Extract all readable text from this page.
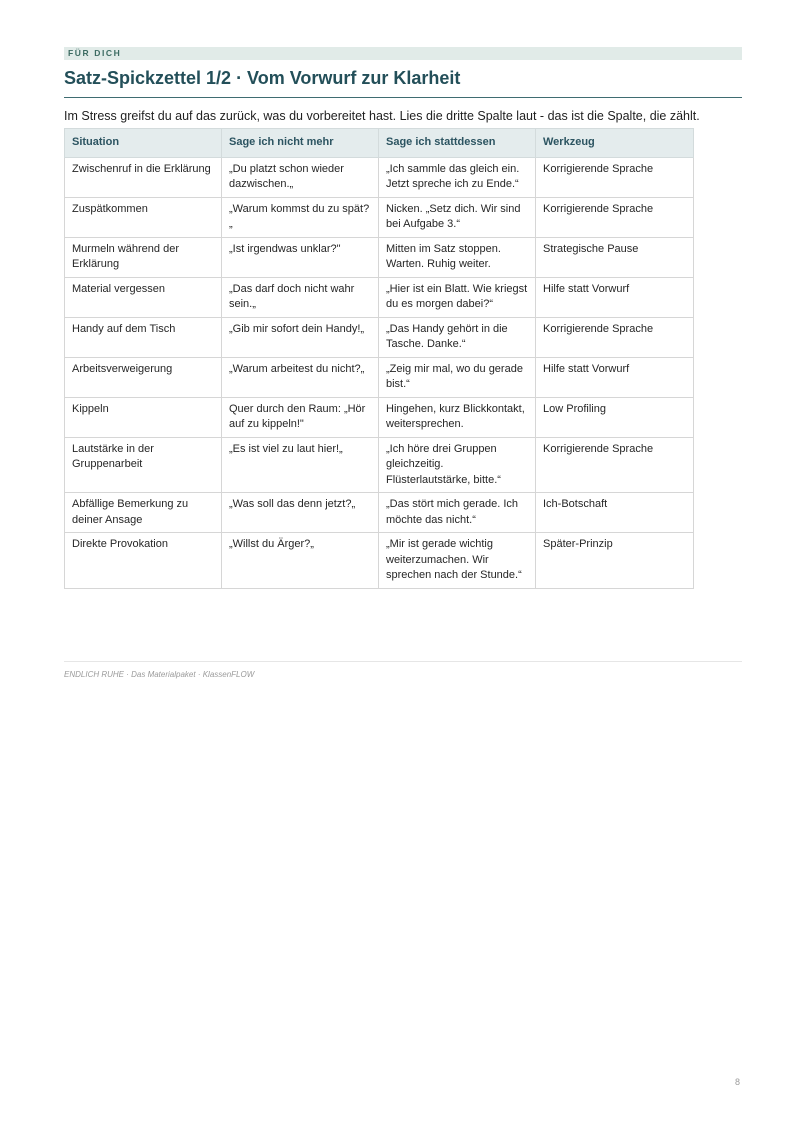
FÜR DICH
Satz-Spickzettel 1/2 · Vom Vorwurf zur Klarheit
Im Stress greifst du auf das zurück, was du vorbereitet hast. Lies die dritte Spalte laut - das ist die Spalte, die zählt.
Situation	Sage ich nicht mehr	Sage ich stattdessen	Werkzeug
Zwischenruf in die Erklärung	„Du platzt schon wieder dazwischen.„	„Ich sammle das gleich ein. Jetzt spreche ich zu Ende.“	Korrigierende Sprache
Zuspätkommen	„Warum kommst du zu spät?„	Nicken. „Setz dich. Wir sind bei Aufgabe 3.“	Korrigierende Sprache
Murmeln während der Erklärung	„Ist irgendwas unklar?"	Mitten im Satz stoppen. Warten. Ruhig weiter.	Strategische Pause
Material vergessen	„Das darf doch nicht wahr sein.„	„Hier ist ein Blatt. Wie kriegst du es morgen dabei?“	Hilfe statt Vorwurf
Handy auf dem Tisch	„Gib mir sofort dein Handy!„	„Das Handy gehört in die Tasche. Danke.“	Korrigierende Sprache
Arbeitsverweigerung	„Warum arbeitest du nicht?„	„Zeig mir mal, wo du gerade bist.“	Hilfe statt Vorwurf
Kippeln	Quer durch den Raum: „Hör auf zu kippeln!"	Hingehen, kurz Blickkontakt, weitersprechen.	Low Profiling
Lautstärke in der Gruppenarbeit	„Es ist viel zu laut hier!„	„Ich höre drei Gruppen gleichzeitig. Flüsterlautstärke, bitte.“	Korrigierende Sprache
Abfällige Bemerkung zu deiner Ansage	„Was soll das denn jetzt?„	„Das stört mich gerade. Ich möchte das nicht.“	Ich-Botschaft
Direkte Provokation	„Willst du Ärger?„	„Mir ist gerade wichtig weiterzumachen. Wir sprechen nach der Stunde.“	Später-Prinzip
ENDLICH RUHE · Das Materialpaket · KlassenFLOW
8
